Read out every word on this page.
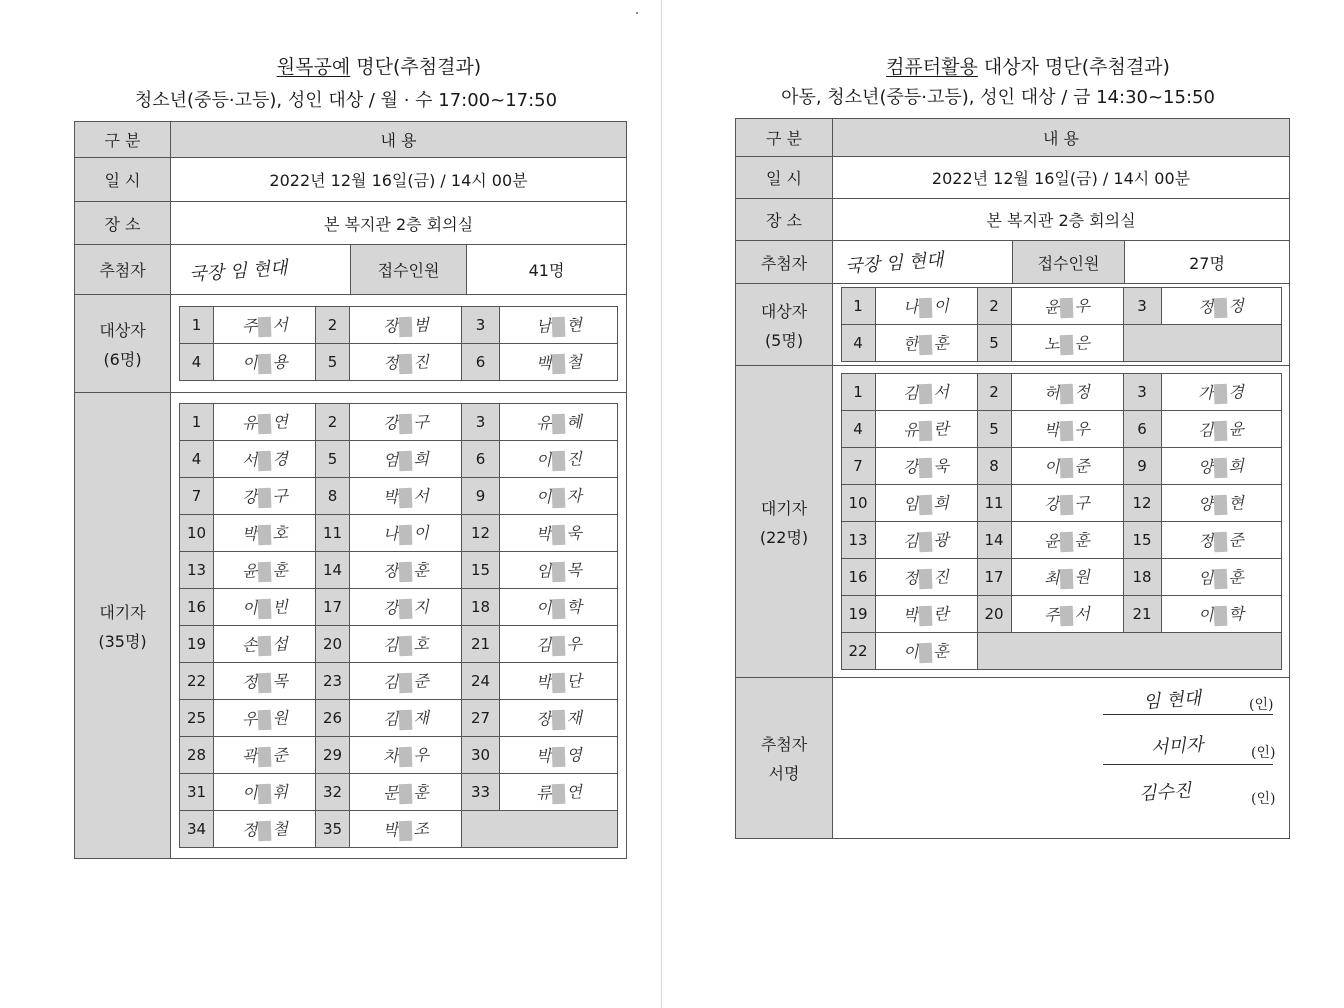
원목공예 명단(추첨결과)
청소년(중등·고등), 성인 대상 / 월 · 수 17:00~17:50
구 분	내 용
일 시	2022년 12월 16일(금) / 14시 00분
장 소	본 복지관 2층 회의실
추첨자	국장 임 현대	접수인원	41명

대상자
(6명)

1	주 서	2	장 범	3	남 현
4	이 용	5	정 진	6	백 철

대기자
(35명)

1	유 연	2	강 구	3	유 혜
4	서 경	5	엄 희	6	이 진
7	강 구	8	박 서	9	이 자
10	박 호	11	나 이	12	박 욱
13	윤 훈	14	장 훈	15	임 목
16	이 빈	17	강 지	18	이 학
19	손 섭	20	김 호	21	김 우
22	정 목	23	김 준	24	박 단
25	우 원	26	김 재	27	장 재
28	곽 준	29	차 우	30	박 영
31	이 휘	32	문 훈	33	류 연
34	정 철	35	박 조	
컴퓨터활용 대상자 명단(추첨결과)
아동, 청소년(중등·고등), 성인 대상 / 금 14:30~15:50
구 분	내 용
일 시	2022년 12월 16일(금) / 14시 00분
장 소	본 복지관 2층 회의실
추첨자	국장 임 현대	접수인원	27명

대상자
(5명)

1	나 이	2	윤 우	3	정 정
4	한 훈	5	노 은	

대기자
(22명)

1	김 서	2	허 정	3	가 경
4	유 란	5	박 우	6	김 윤
7	강 욱	8	이 준	9	양 희
10	임 희	11	강 구	12	양 현
13	김 광	14	윤 훈	15	정 준
16	정 진	17	최 원	18	임 훈
19	박 란	20	주 서	21	이 학
22	이 훈	

추첨자
서명

임 현대	(인)
서미자	(인)
김수진	(인)
